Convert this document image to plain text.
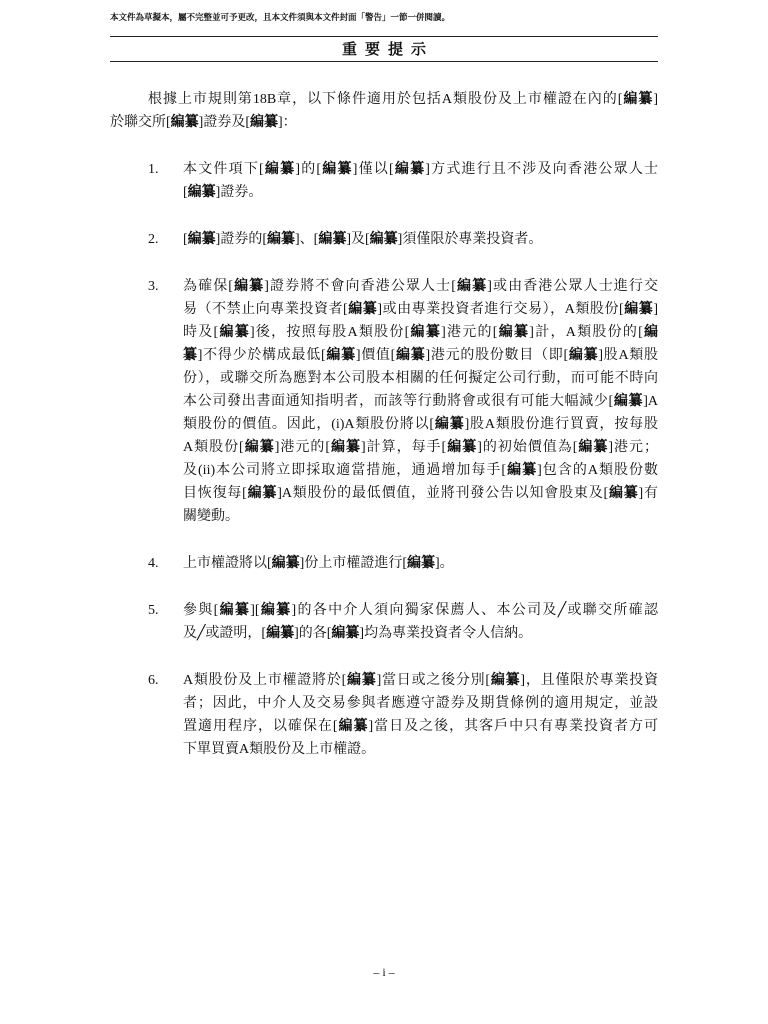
本文件為草擬本，屬不完整並可予更改，且本文件須與本文件封面「警告」一節一併閱讀。
重要提示
根據上市規則第18B章，以下條件適用於包括A類股份及上市權證在內的[編纂]
於聯交所[編纂]證券及[編纂]：
1. 本文件項下[編纂]的[編纂]僅以[編纂]方式進行且不涉及向香港公眾人士
[編纂]證券。
2. [編纂]證券的[編纂]、[編纂]及[編纂]須僅限於專業投資者。
3. 為確保[編纂]證券將不會向香港公眾人士[編纂]或由香港公眾人士進行交
易（不禁止向專業投資者[編纂]或由專業投資者進行交易），A類股份[編纂]
時及[編纂]後，按照每股A類股份[編纂]港元的[編纂]計，A類股份的[編
纂]不得少於構成最低[編纂]價值[編纂]港元的股份數目（即[編纂]股A類股
份），或聯交所為應對本公司股本相關的任何擬定公司行動，而可能不時向
本公司發出書面通知指明者，而該等行動將會或很有可能大幅減少[編纂]A
類股份的價值。因此，(i)A類股份將以[編纂]股A類股份進行買賣，按每股
A類股份[編纂]港元的[編纂]計算，每手[編纂]的初始價值為[編纂]港元；
及(ii)本公司將立即採取適當措施，通過增加每手[編纂]包含的A類股份數
目恢復每[編纂]A類股份的最低價值，並將刊發公告以知會股東及[編纂]有
關變動。
4. 上市權證將以[編纂]份上市權證進行[編纂]。
5. 參與[編纂][編纂]的各中介人須向獨家保薦人、本公司及╱或聯交所確認
及╱或證明，[編纂]的各[編纂]均為專業投資者令人信納。
6. A類股份及上市權證將於[編纂]當日或之後分別[編纂]，且僅限於專業投資
者；因此，中介人及交易參與者應遵守證券及期貨條例的適用規定，並設
置適用程序，以確保在[編纂]當日及之後，其客戶中只有專業投資者方可
下單買賣A類股份及上市權證。
– i –
